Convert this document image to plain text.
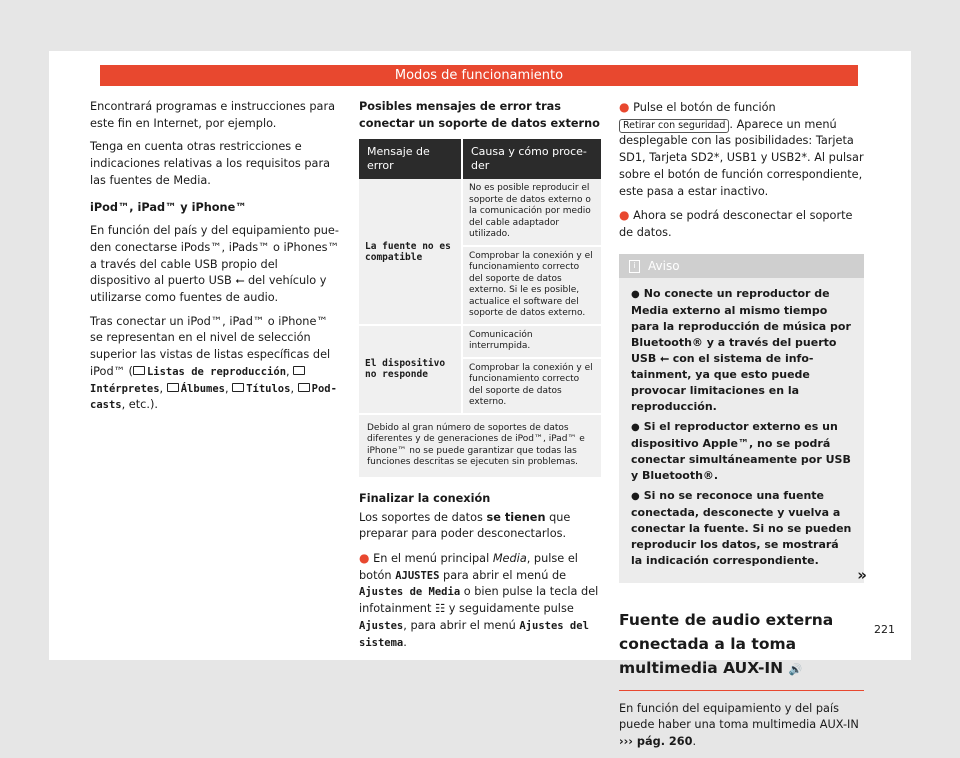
Modos de funcionamiento

Encontrará programas e instrucciones para este fin en Internet, por ejemplo.

Tenga en cuenta otras restricciones e indicaciones relativas a los requisitos para las fuentes de Media.

iPod™, iPad™ y iPhone™

En función del país y del equipamiento pueden conectarse iPods™, iPads™ o iPhones™ a través del cable USB propio del dispositivo al puerto USB ⭠ del vehículo y utilizarse como fuentes de audio.

Tras conectar un iPod™, iPad™ o iPhone™ se representan en el nivel de selección superior las vistas de listas específicas del iPod™ ( Listas de reproducción, Intérpretes, Álbumes, Títulos, Podcasts, etc.).

Posibles mensajes de error tras conectar un soporte de datos externo

Mensaje de error	Causa y cómo proceder
La fuente no es compatible	No es posible reproducir el soporte de datos externo o la comunicación por medio del cable adaptador utilizado.
	Comprobar la conexión y el funcionamiento correcto del soporte de datos externo. Si le es posible, actualice el software del soporte de datos externo.
El dispositivo no responde	Comunicación interrumpida.
	Comprobar la conexión y el funcionamiento correcto del soporte de datos externo.
Debido al gran número de soportes de datos diferentes y de generaciones de iPod™, iPad™ e iPhone™ no se puede garantizar que todas las funciones descritas se ejecuten sin problemas.	

Finalizar la conexión

Los soportes de datos se tienen que preparar para poder desconectarlos.

● En el menú principal Media, pulse el botón AJUSTES para abrir el menú de Ajustes de Media o bien pulse la tecla del infotainment ☷ y seguidamente pulse Ajustes, para abrir el menú Ajustes del sistema.

● Pulse el botón de función Retirar con seguridad . Aparece un menú desplegable con las posibilidades: Tarjeta SD1, Tarjeta SD2*, USB1 y USB2*. Al pulsar sobre el botón de función correspondiente, este pasa a estar inactivo.

● Ahora se podrá desconectar el soporte de datos.

i Aviso
● No conecte un reproductor de Media externo al mismo tiempo para la reproducción de música por Bluetooth® y a través del puerto USB ⭠ con el sistema de infotainment, ya que esto puede provocar limitaciones en la reproducción.
● Si el reproductor externo es un dispositivo Apple™, no se podrá conectar simultáneamente por USB y Bluetooth®.
● Si no se reconoce una fuente conectada, desconecte y vuelva a conectar la fuente. Si no se pueden reproducir los datos, se mostrará la indicación correspondiente.
Fuente de audio externa conectada a la toma multimedia AUX-IN 🔊

En función del equipamiento y del país puede haber una toma multimedia AUX-IN ››› pág. 260.

»
221
